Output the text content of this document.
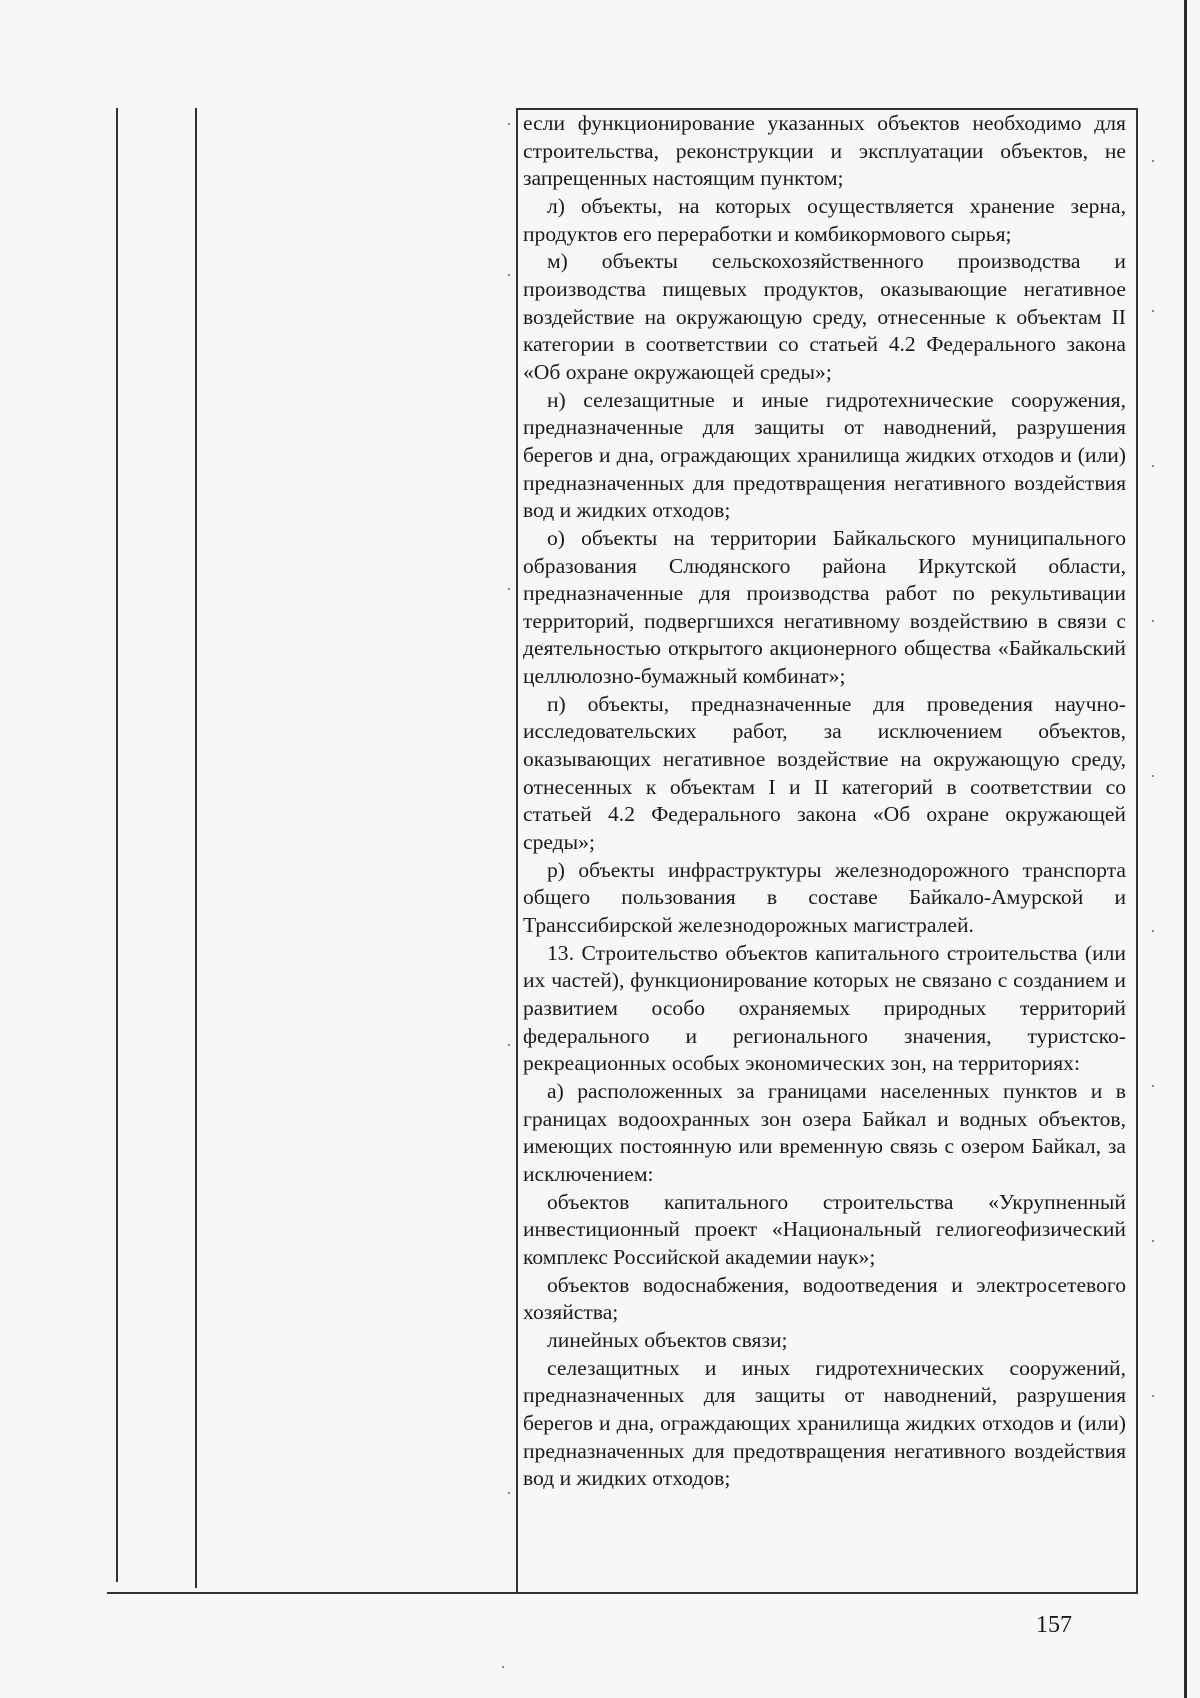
если функционирование указанных объектов необходимо для строительства, реконструкции и эксплуатации объектов, не запрещенных настоящим пунктом;

л) объекты, на которых осуществляется хранение зерна, продуктов его переработки и комбикормового сырья;

м) объекты сельскохозяйственного производства и производства пищевых продуктов, оказывающие негативное воздействие на окружающую среду, отнесенные к объектам II категории в соответствии со статьей 4.2 Федерального закона «Об охране окружающей среды»;

н) селезащитные и иные гидротехнические сооружения, предназначенные для защиты от наводнений, разрушения берегов и дна, ограждающих хранилища жидких отходов и (или) предназначенных для предотвращения негативного воздействия вод и жидких отходов;

о) объекты на территории Байкальского муниципального образования Слюдянского района Иркутской области, предназначенные для производства работ по рекультивации территорий, подвергшихся негативному воздействию в связи с деятельностью открытого акционерного общества «Байкальский целлюлозно-бумажный комбинат»;

п) объекты, предназначенные для проведения научно-исследовательских работ, за исключением объектов, оказывающих негативное воздействие на окружающую среду, отнесенных к объектам I и II категорий в соответствии со статьей 4.2 Федерального закона «Об охране окружающей среды»;

р) объекты инфраструктуры железнодорожного транспорта общего пользования в составе Байкало-Амурской и Транссибирской железнодорожных магистралей.

13. Строительство объектов капитального строительства (или их частей), функционирование которых не связано с созданием и развитием особо охраняемых природных территорий федерального и регионального значения, туристско-рекреационных особых экономических зон, на территориях:

а) расположенных за границами населенных пунктов и в границах водоохранных зон озера Байкал и водных объектов, имеющих постоянную или временную связь с озером Байкал, за исключением:

объектов капитального строительства «Укрупненный инвестиционный проект «Национальный гелиогеофизический комплекс Российской академии наук»;

объектов водоснабжения, водоотведения и электросетевого хозяйства;

линейных объектов связи;

селезащитных и иных гидротехнических сооружений, предназначенных для защиты от наводнений, разрушения берегов и дна, ограждающих хранилища жидких отходов и (или) предназначенных для предотвращения негативного воздействия вод и жидких отходов;

157
